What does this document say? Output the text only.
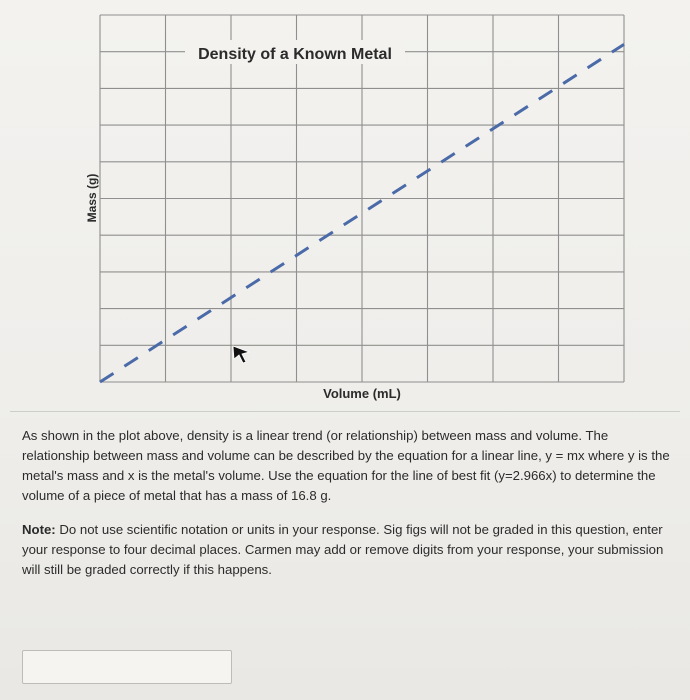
Density of a Known Metal
Mass (g)
Volume (mL)

As shown in the plot above, density is a linear trend (or relationship) between mass and volume. The relationship between mass and volume can be described by the equation for a linear line, y = mx where y is the metal's mass and x is the metal's volume. Use the equation for the line of best fit (y=2.966x) to determine the volume of a piece of metal that has a mass of 16.8 g.

Note: Do not use scientific notation or units in your response. Sig figs will not be graded in this question, enter your response to four decimal places. Carmen may add or remove digits from your response, your submission will still be graded correctly if this happens.
